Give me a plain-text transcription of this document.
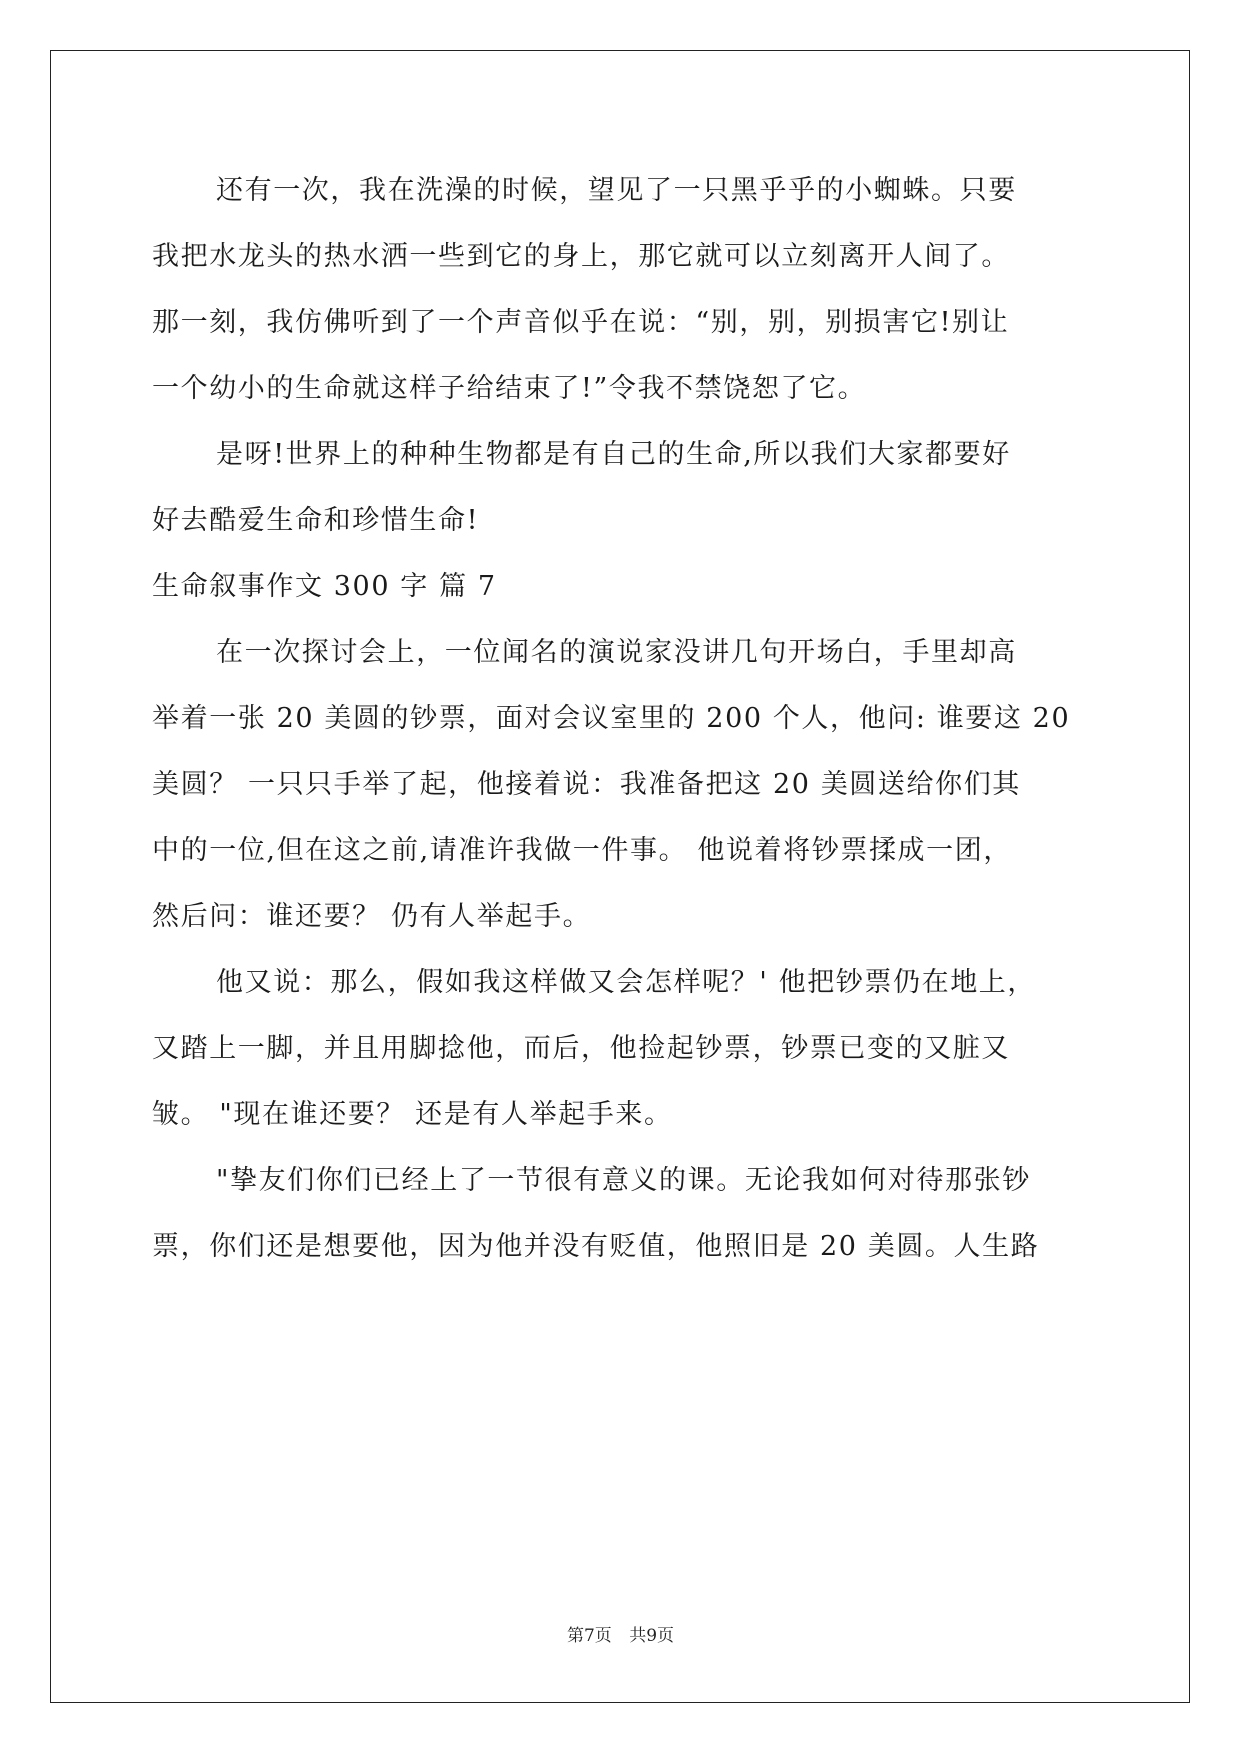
还有一次，我在洗澡的时候，望见了一只黑乎乎的小蜘蛛。只要
我把水龙头的热水洒一些到它的身上，那它就可以立刻离开人间了。
那一刻，我仿佛听到了一个声音似乎在说：“别，别，别损害它!别让
一个幼小的生命就这样子给结束了!”令我不禁饶恕了它。
是呀!世界上的种种生物都是有自己的生命,所以我们大家都要好
好去酷爱生命和珍惜生命!
生命叙事作文 300 字 篇 7
在一次探讨会上，一位闻名的演说家没讲几句开场白，手里却高
举着一张 20 美圆的钞票，面对会议室里的 200 个人，他问: 谁要这 20
美圆？ 一只只手举了起，他接着说：我准备把这 20 美圆送给你们其
中的一位,但在这之前,请准许我做一件事。 他说着将钞票揉成一团，
然后问：谁还要？ 仍有人举起手。
他又说：那么，假如我这样做又会怎样呢？' 他把钞票仍在地上，
又踏上一脚，并且用脚捻他，而后，他捡起钞票，钞票已变的又脏又
皱。 "现在谁还要？ 还是有人举起手来。
"挚友们你们已经上了一节很有意义的课。无论我如何对待那张钞
票，你们还是想要他，因为他并没有贬值，他照旧是 20 美圆。人生路
第7页 共9页
